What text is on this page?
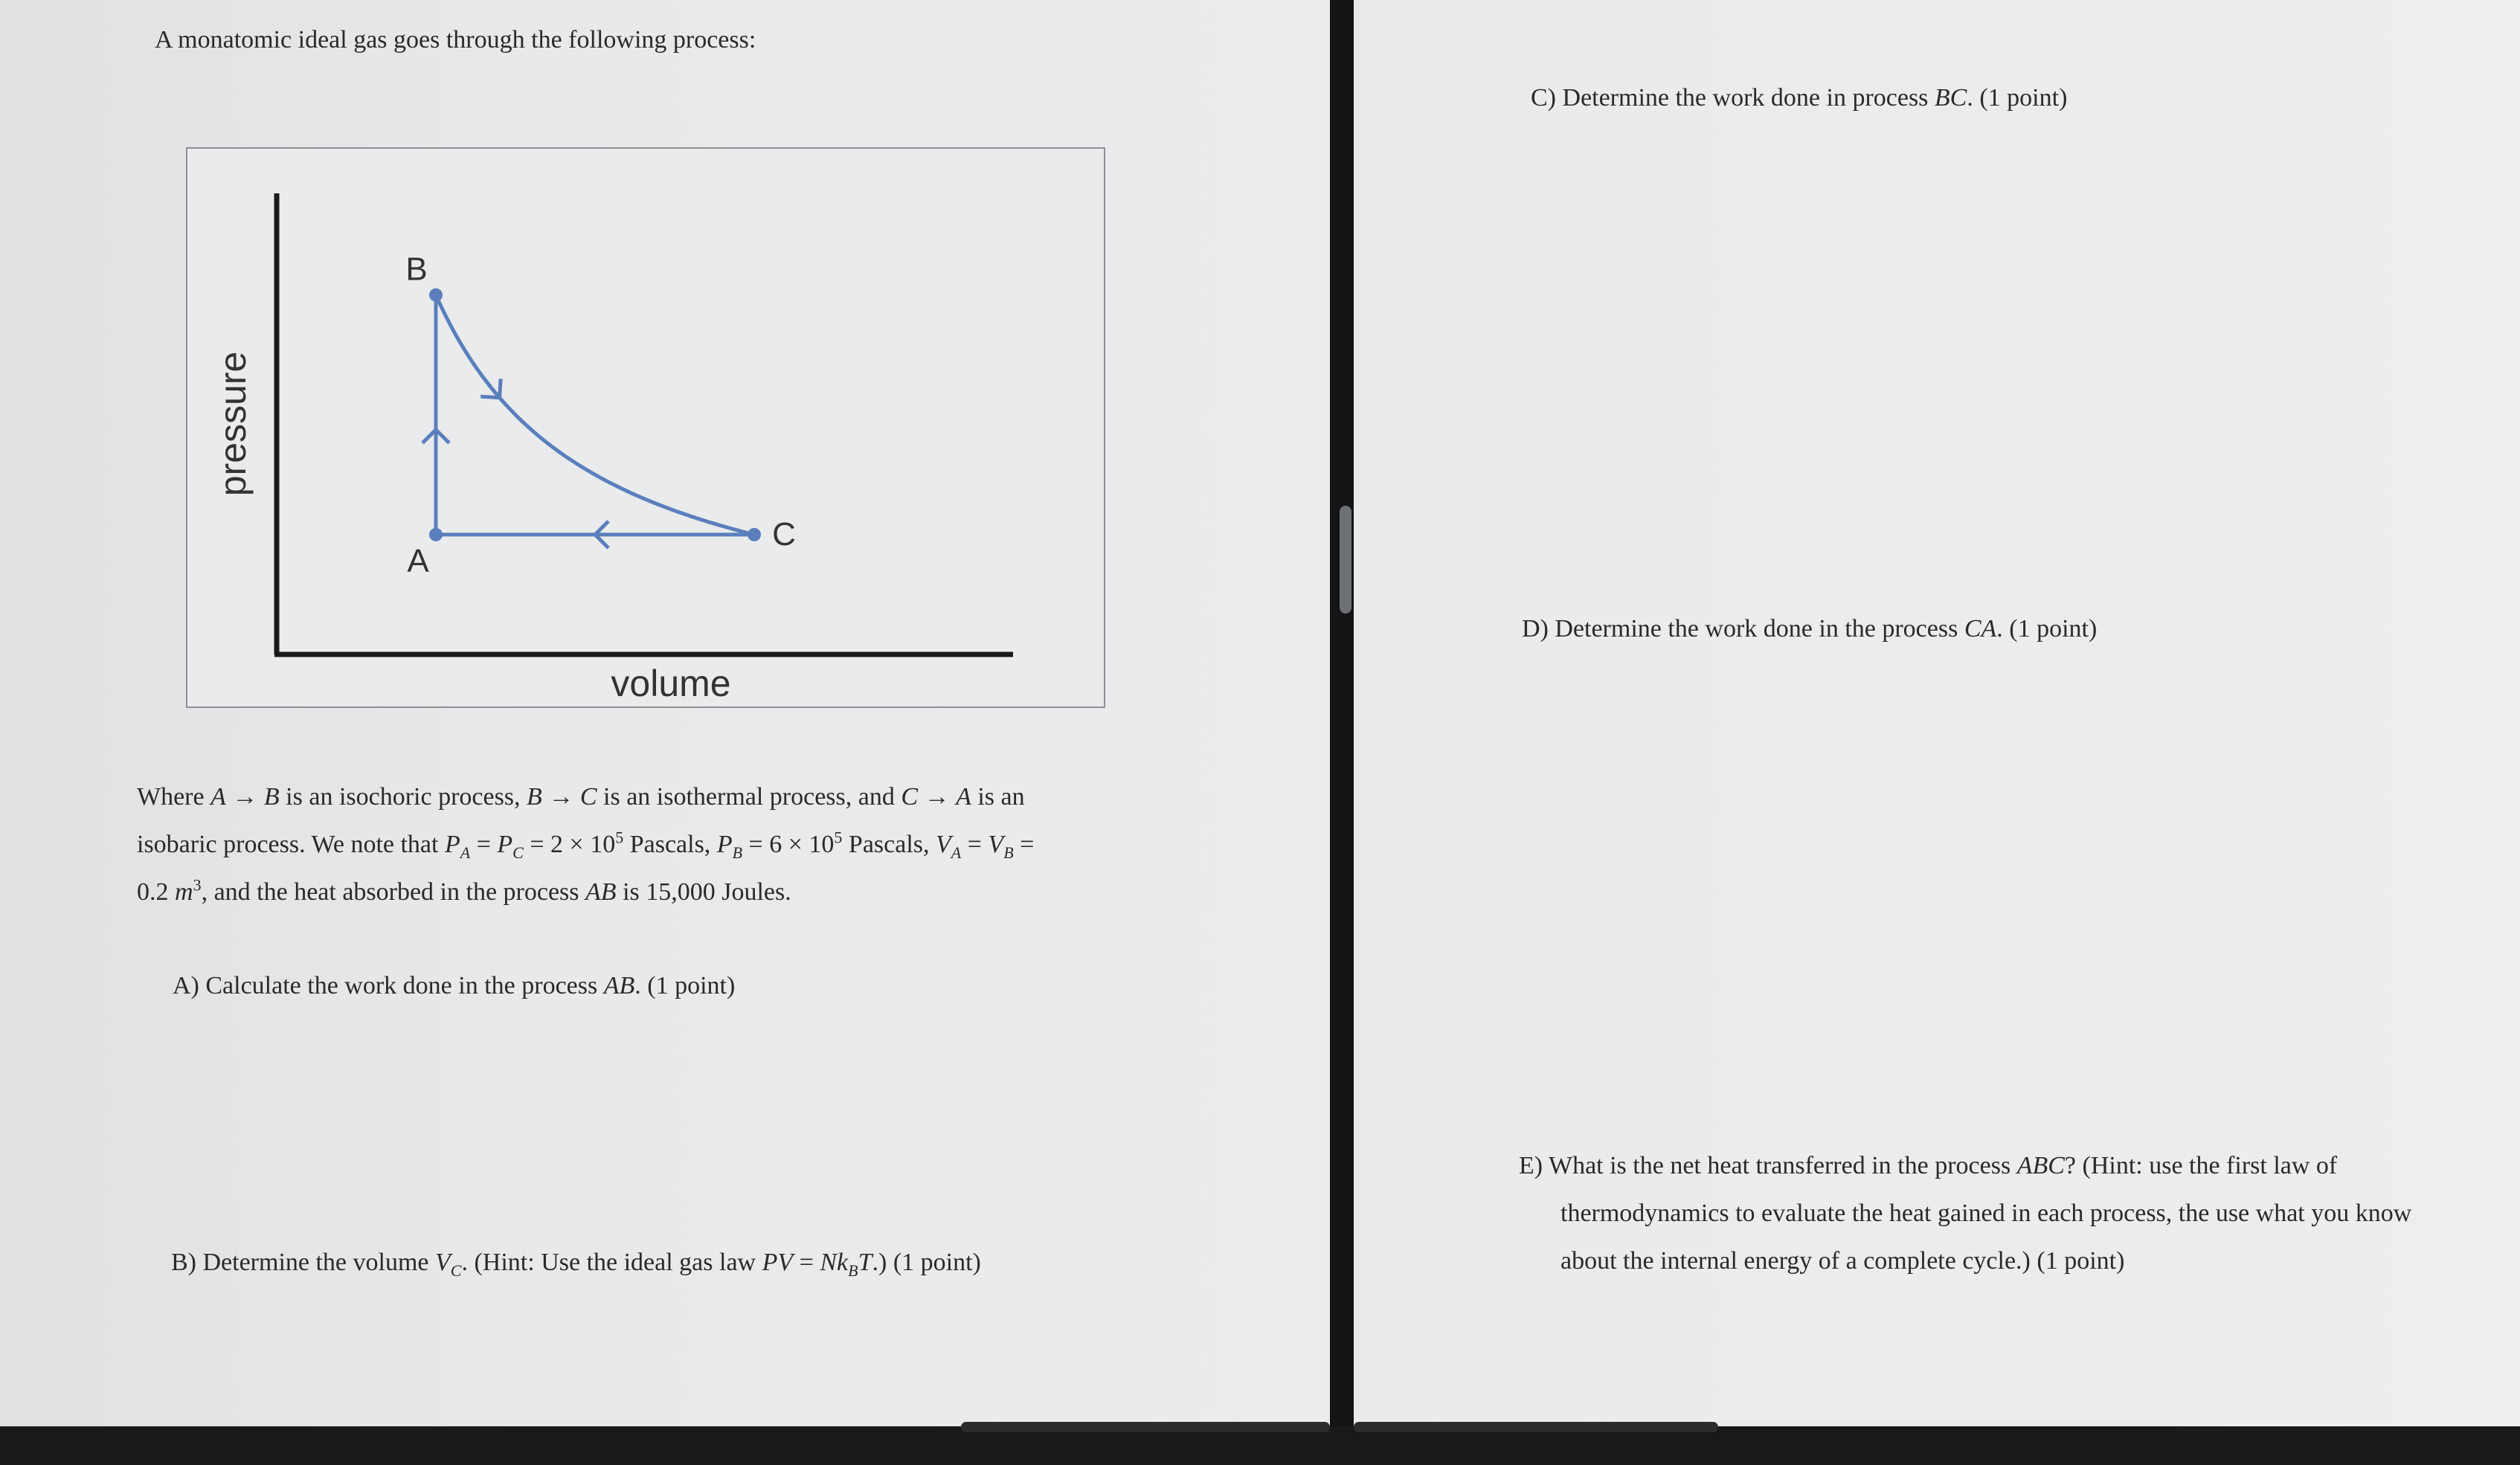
A monatomic ideal gas goes through the following process:
volume
pressure
A
B
C
Where A → B is an isochoric process, B → C is an isothermal process, and C → A is an
isobaric process. We note that $P_A = P_C = 2 \times 10^5$ Pascals, $P_B = 6 \times 10^5$ Pascals, $V_A = V_B$ =
0.2 $m^3$, and the heat absorbed in the process AB is 15,000 Joules.
A) Calculate the work done in the process AB. (1 point)
B) Determine the volume $V_C$. (Hint: Use the ideal gas law PV = $Nk_BT$.) (1 point)
C) Determine the work done in process BC. (1 point)
D) Determine the work done in the process CA. (1 point)
E) What is the net heat transferred in the process ABC? (Hint: use the first law of
thermodynamics to evaluate the heat gained in each process, the use what you know
about the internal energy of a complete cycle.) (1 point)
